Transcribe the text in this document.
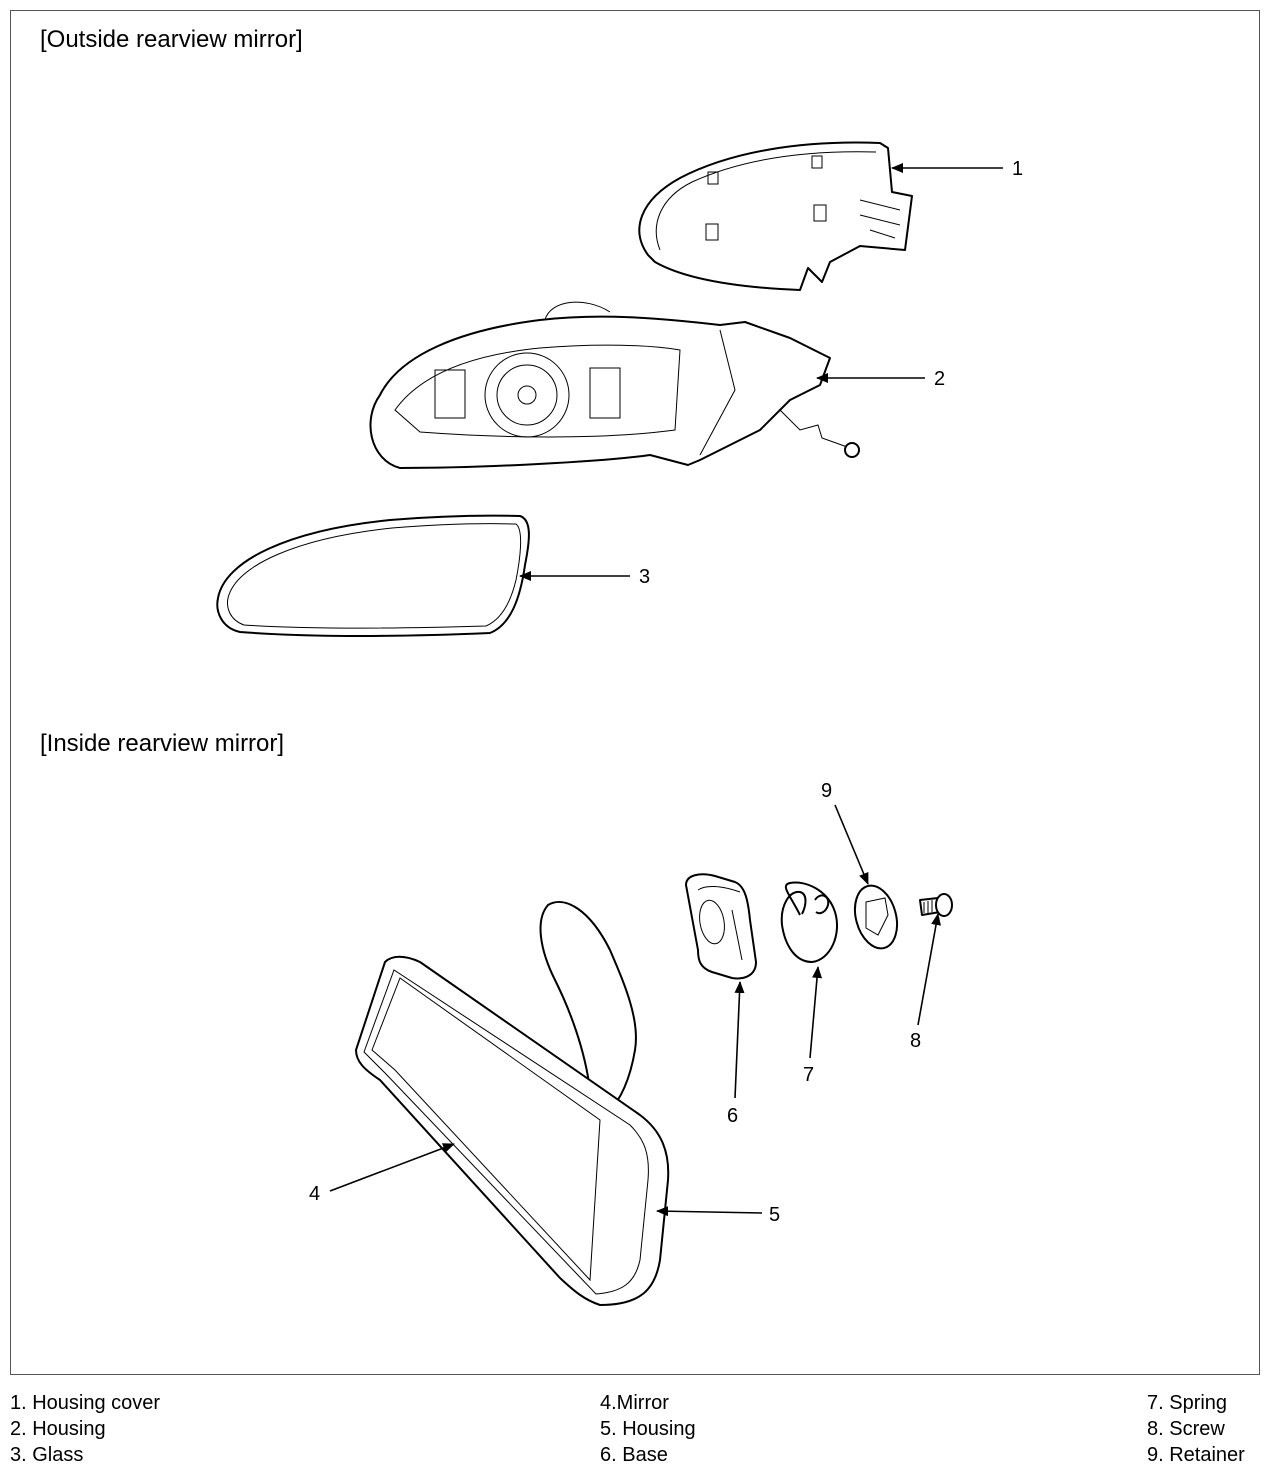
[Outside rearview mirror]
[Inside rearview mirror]
1
2
3
4
5
6
7
8
9
1. Housing cover
2. Housing
3. Glass
4.Mirror
5. Housing
6. Base
7. Spring
8. Screw
9. Retainer
